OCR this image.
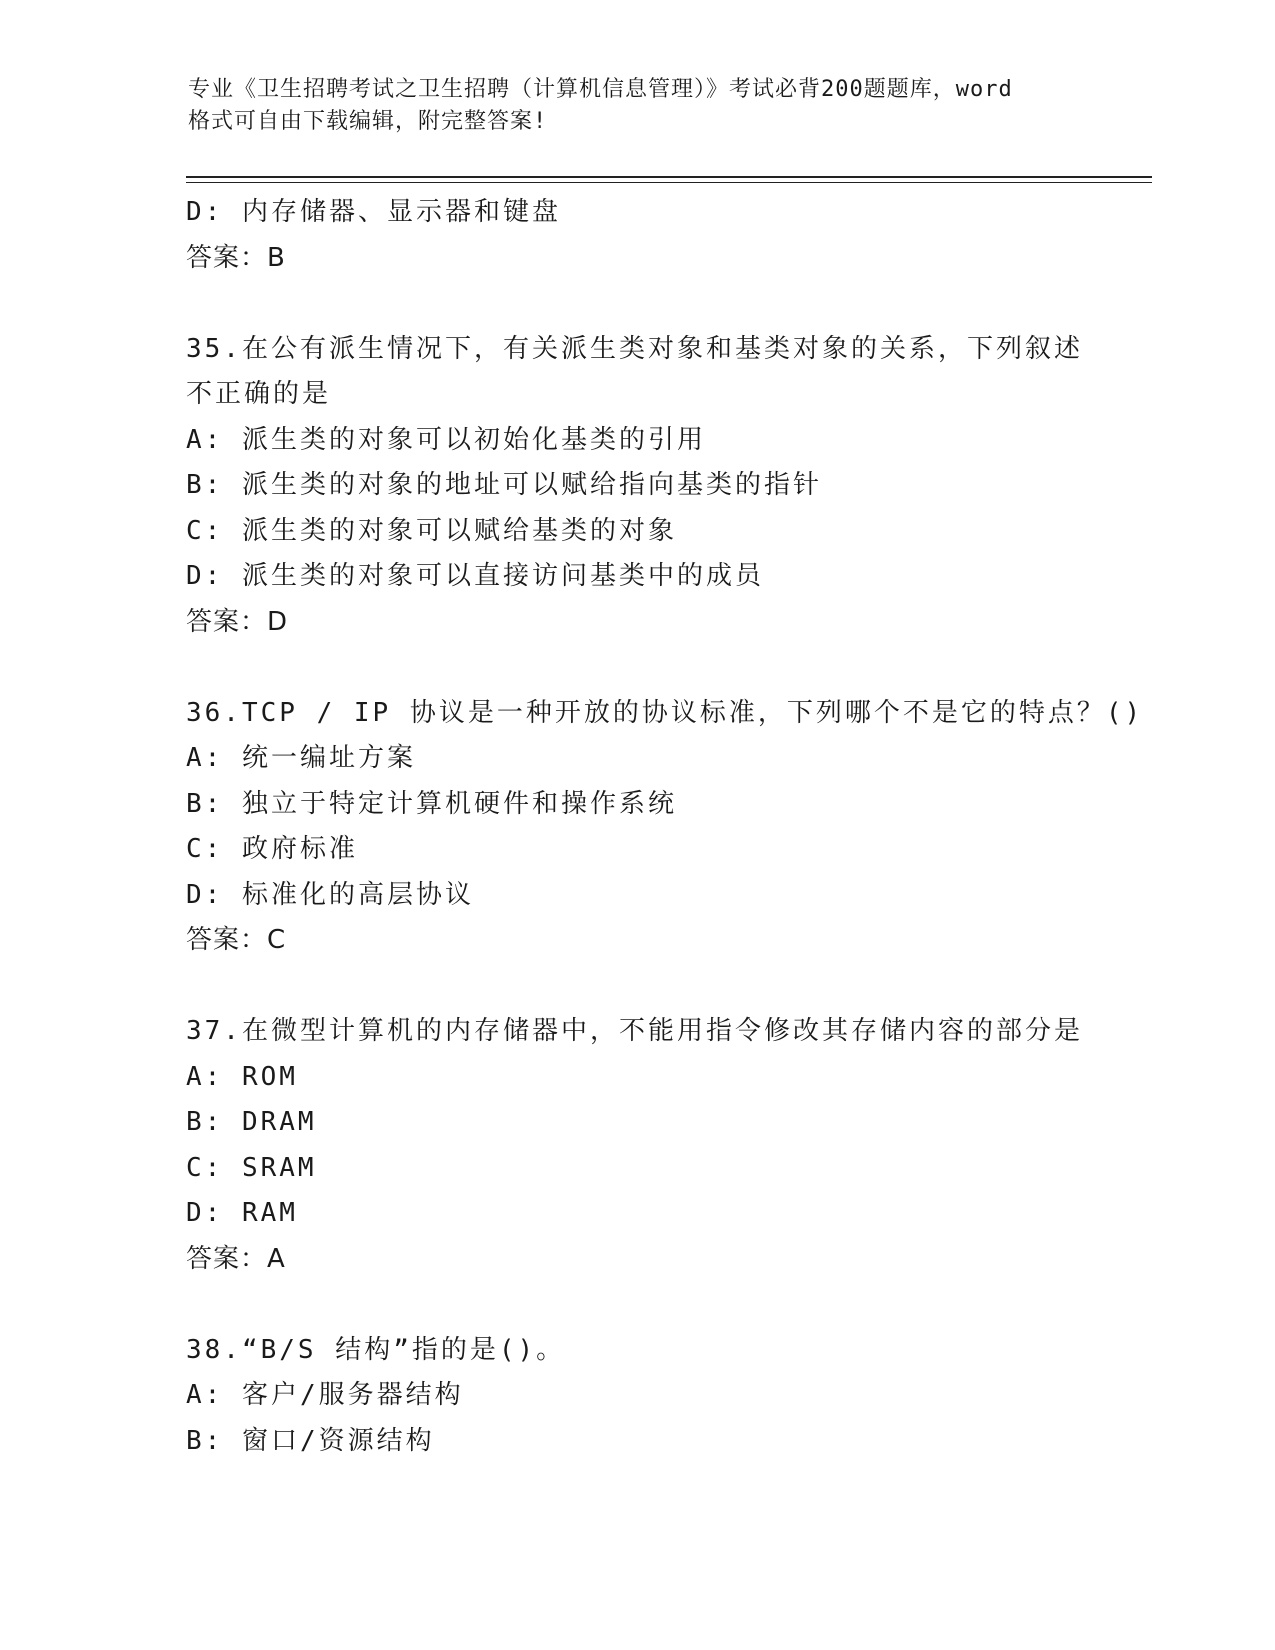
专业《卫生招聘考试之卫生招聘（计算机信息管理）》考试必背200题题库，word
格式可自由下载编辑，附完整答案!
D: 内存储器、显示器和键盘
答案：B
35.在公有派生情况下，有关派生类对象和基类对象的关系，下列叙述
不正确的是
A: 派生类的对象可以初始化基类的引用
B: 派生类的对象的地址可以赋给指向基类的指针
C: 派生类的对象可以赋给基类的对象
D: 派生类的对象可以直接访问基类中的成员
答案：D
36.TCP / IP 协议是一种开放的协议标准，下列哪个不是它的特点？()
A: 统一编址方案
B: 独立于特定计算机硬件和操作系统
C: 政府标准
D: 标准化的高层协议
答案：C
37.在微型计算机的内存储器中，不能用指令修改其存储内容的部分是
A: ROM
B: DRAM
C: SRAM
D: RAM
答案：A
38.“B/S 结构”指的是()。
A: 客户/服务器结构
B: 窗口/资源结构
